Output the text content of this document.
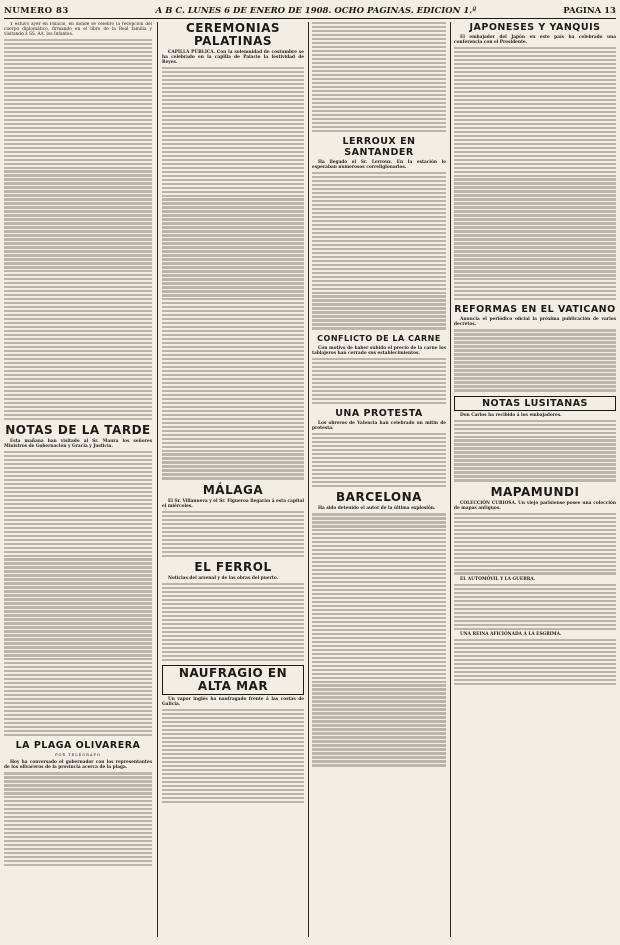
NUMERO 83	A B C. LUNES 6 DE ENERO DE 1908. OCHO PAGINAS. EDICION 1.ª	PAGINA 13

Y estuvo ayer en Palacio, en donde se celebró la recepción del cuerpo diplomático, firmando en el libro de la Real familia y visitando á SS. AA. los Infantes.

NOTAS DE LA TARDE

Esta mañana han visitado al Sr. Maura los señores Ministros de Gobernación y Gracia y Justicia.

LA PLAGA OLIVARERA
POR TELÉGRAFO

Hoy ha conversado el gobernador con los representantes de los olivareros de la provincia acerca de la plaga.

CEREMONIAS PALATINAS

CAPILLA PÚBLICA. Con la solemnidad de costumbre se ha celebrado en la capilla de Palacio la festividad de Reyes.

MÁLAGA

El Sr. Villanueva y el Sr. Figueroa llegarán á esta capital el miércoles.

EL FERROL

Noticias del arsenal y de las obras del puerto.

NAUFRAGIO EN ALTA MAR

Un vapor inglés ha naufragado frente á las costas de Galicia.

LERROUX EN SANTANDER

Ha llegado el Sr. Lerroux. En la estación le esperaban numerosos correligionarios.

CONFLICTO DE LA CARNE

Con motivo de haber subido el precio de la carne los tablajeros han cerrado sus establecimientos.

UNA PROTESTA

Los obreros de Valencia han celebrado un mitin de protesta.

BARCELONA

Ha sido detenido el autor de la última explosión.

JAPONESES Y YANQUIS

El embajador del Japón en este país ha celebrado una conferencia con el Presidente.

REFORMAS EN EL VATICANO

Anuncia el periódico oficial la próxima publicación de varios decretos.

NOTAS LUSITANAS

Don Carlos ha recibido á los embajadores.

MAPAMUNDI

COLECCIÓN CURIOSA. Un viejo parisiense posee una colección de mapas antiguos.

EL AUTOMÓVIL Y LA GUERRA.

UNA REINA AFICIONADA Á LA ESGRIMA.
